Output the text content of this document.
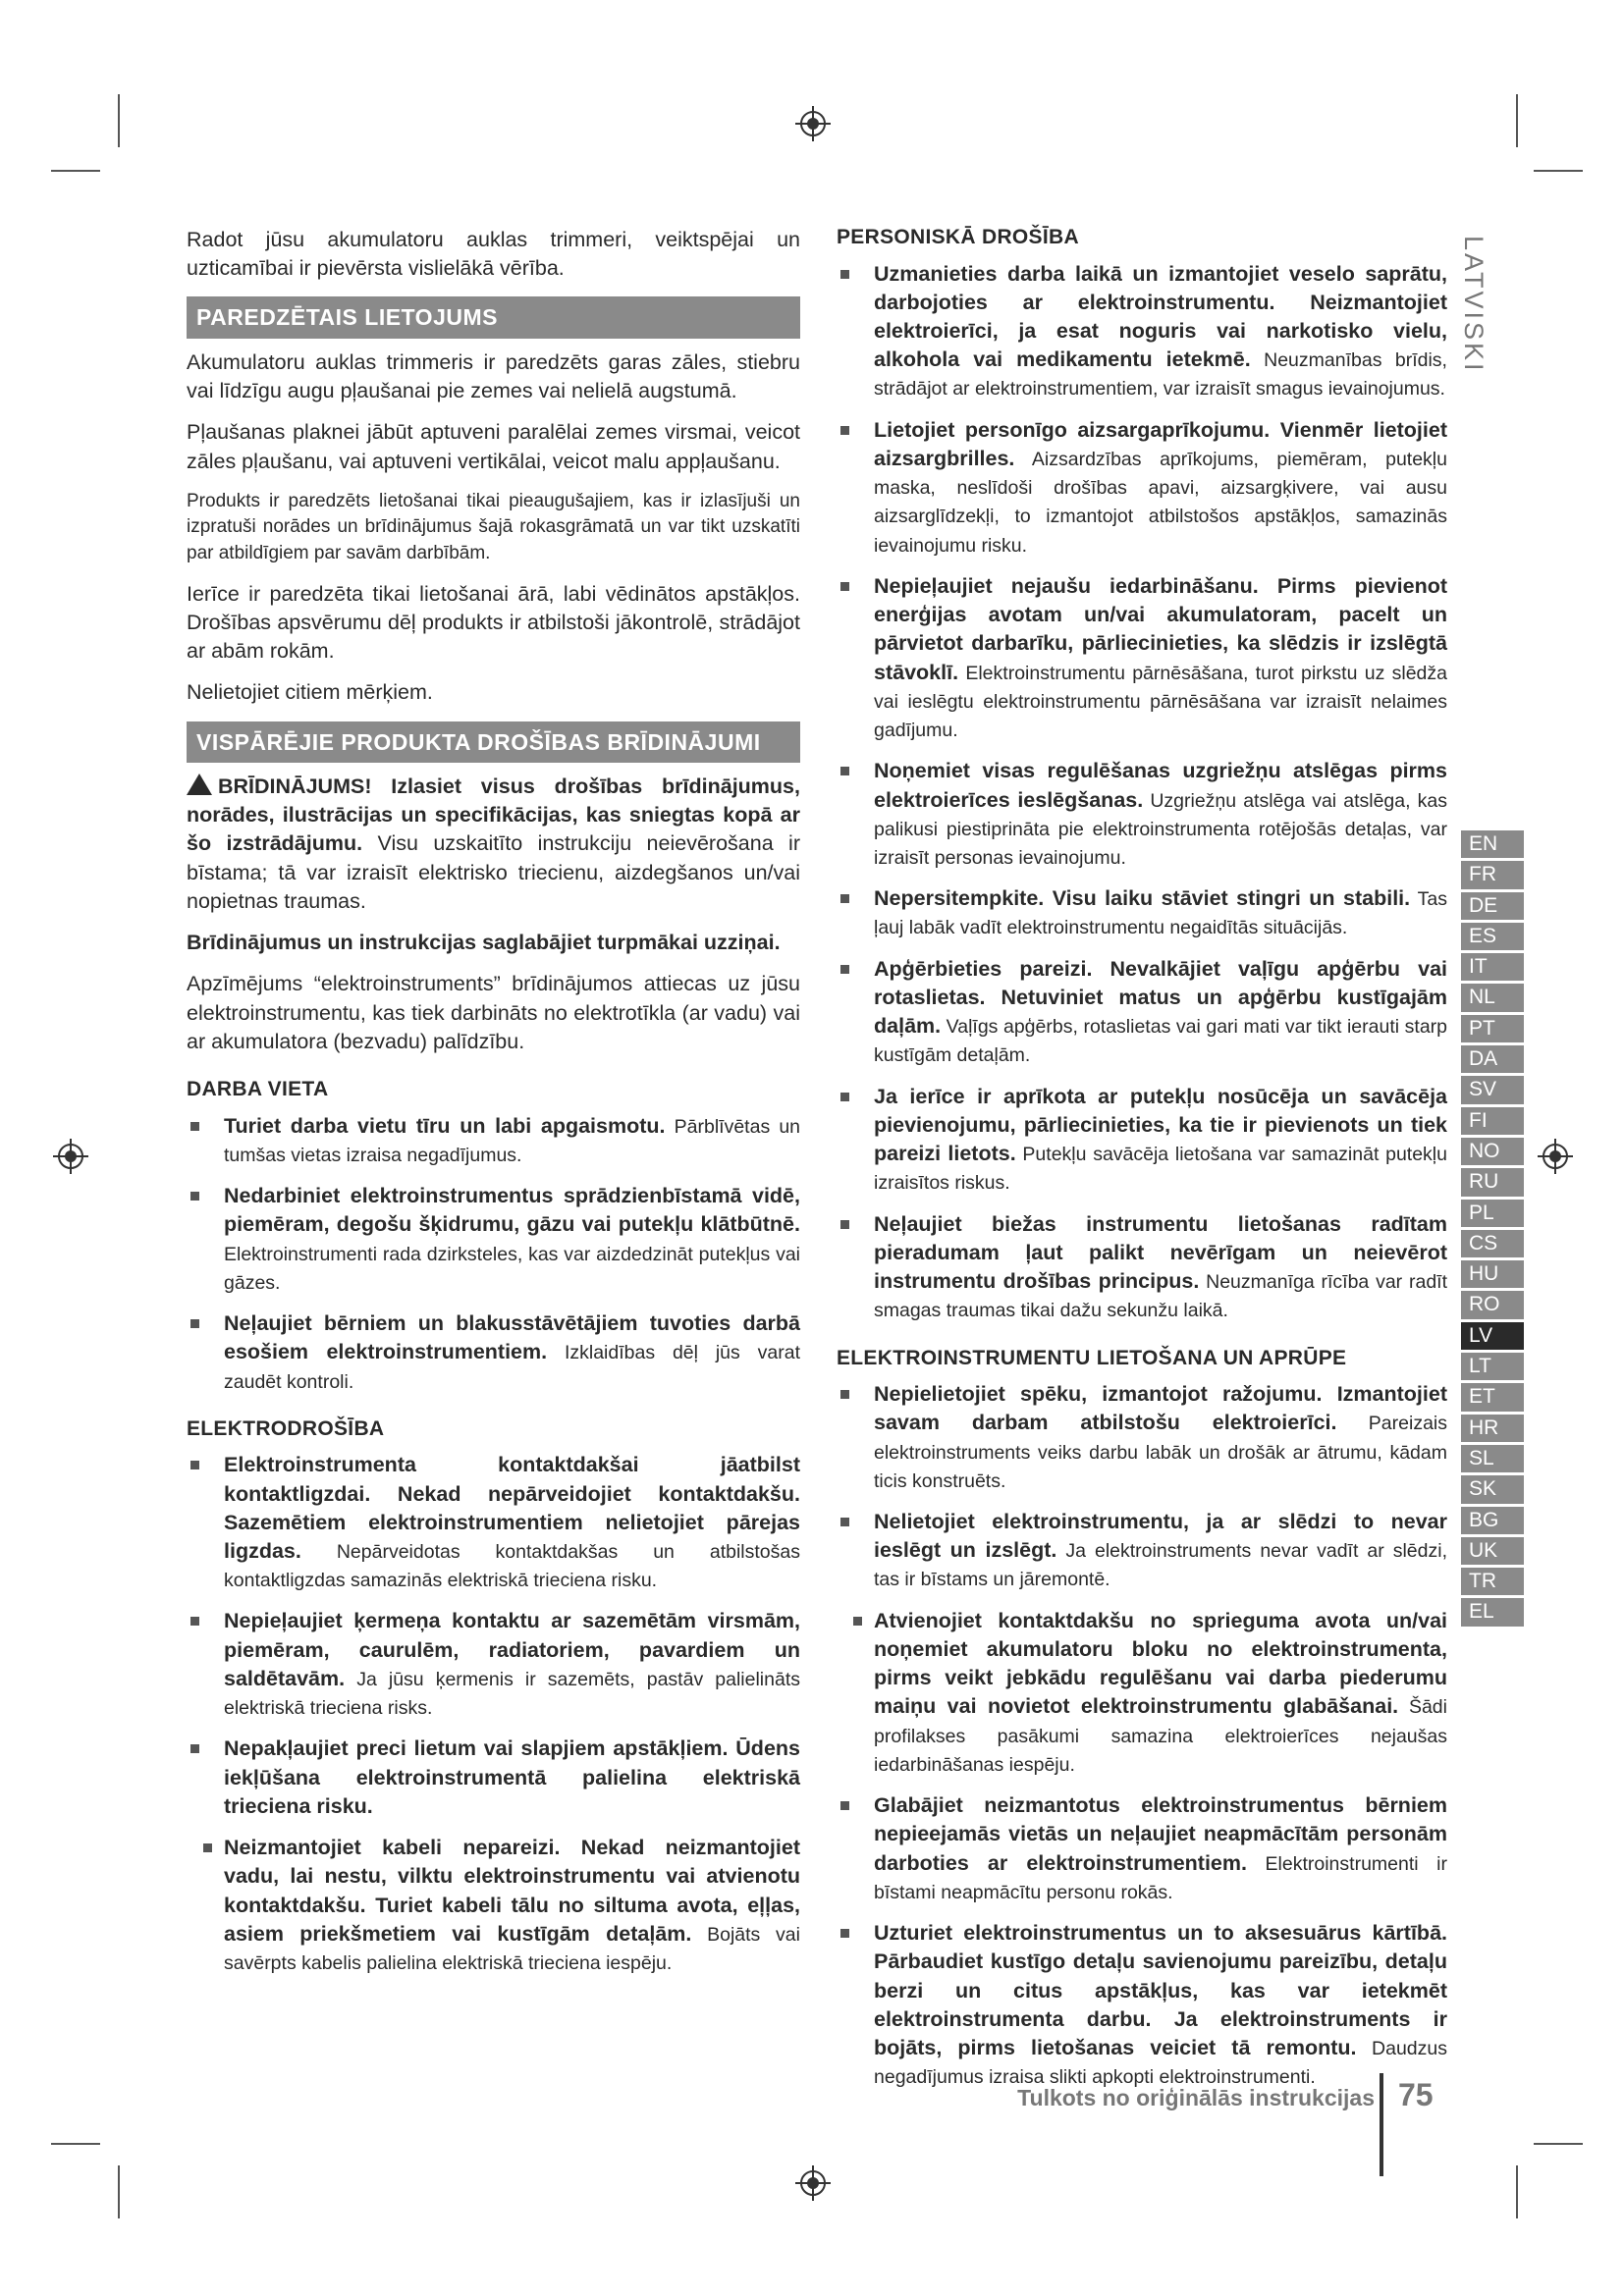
LATVISKI
EN
FR
DE
ES
IT
NL
PT
DA
SV
FI
NO
RU
PL
CS
HU
RO
LV
LT
ET
HR
SL
SK
BG
UK
TR
EL

Radot jūsu akumulatoru auklas trimmeri, veiktspējai un uzticamībai ir pievērsta vislielākā vērība.

PAREDZĒTAIS LIETOJUMS

Akumulatoru auklas trimmeris ir paredzēts garas zāles, stiebru vai līdzīgu augu pļaušanai pie zemes vai nelielā augstumā.

Pļaušanas plaknei jābūt aptuveni paralēlai zemes virsmai, veicot zāles pļaušanu, vai aptuveni vertikālai, veicot malu appļaušanu.

Produkts ir paredzēts lietošanai tikai pieaugušajiem, kas ir izlasījuši un izpratuši norādes un brīdinājumus šajā rokasgrāmatā un var tikt uzskatīti par atbildīgiem par savām darbībām.

Ierīce ir paredzēta tikai lietošanai ārā, labi vēdinātos apstākļos. Drošības apsvērumu dēļ produkts ir atbilstoši jākontrolē, strādājot ar abām rokām.

Nelietojiet citiem mērķiem.

VISPĀRĒJIE PRODUKTA DROŠĪBAS BRĪDINĀJUMI

BRĪDINĀJUMS! Izlasiet visus drošības brīdinājumus, norādes, ilustrācijas un specifikācijas, kas sniegtas kopā ar šo izstrādājumu. Visu uzskaitīto instrukciju neievērošana ir bīstama; tā var izraisīt elektrisko triecienu, aizdegšanos un/vai nopietnas traumas.

Brīdinājumus un instrukcijas saglabājiet turpmākai uzziņai.

Apzīmējums “elektroinstruments” brīdinājumos attiecas uz jūsu elektroinstrumentu, kas tiek darbināts no elektrotīkla (ar vadu) vai ar akumulatora (bezvadu) palīdzību.

DARBA VIETA
Turiet darba vietu tīru un labi apgaismotu. Pārblīvētas un tumšas vietas izraisa negadījumus.
Nedarbiniet elektroinstrumentus sprādzienbīstamā vidē, piemēram, degošu šķidrumu, gāzu vai putekļu klātbūtnē. Elektroinstrumenti rada dzirksteles, kas var aizdedzināt putekļus vai gāzes.
Neļaujiet bērniem un blakusstāvētājiem tuvoties darbā esošiem elektroinstrumentiem. Izklaidības dēļ jūs varat zaudēt kontroli.
ELEKTRODROŠĪBA
Elektroinstrumenta kontaktdakšai jāatbilst kontaktligzdai. Nekad nepārveidojiet kontaktdakšu. Sazemētiem elektroinstrumentiem nelietojiet pārejas ligzdas. Nepārveidotas kontaktdakšas un atbilstošas kontaktligzdas samazinās elektriskā trieciena risku.
Nepieļaujiet ķermeņa kontaktu ar sazemētām virsmām, piemēram, caurulēm, radiatoriem, pavardiem un saldētavām. Ja jūsu ķermenis ir sazemēts, pastāv palielināts elektriskā trieciena risks.
Nepakļaujiet preci lietum vai slapjiem apstākļiem. Ūdens iekļūšana elektroinstrumentā palielina elektriskā trieciena risku.
Neizmantojiet kabeli nepareizi. Nekad neizmantojiet vadu, lai nestu, vilktu elektroinstrumentu vai atvienotu kontaktdakšu. Turiet kabeli tālu no siltuma avota, eļļas, asiem priekšmetiem vai kustīgām detaļām. Bojāts vai savērpts kabelis palielina elektriskā trieciena iespēju.
PERSONISKĀ DROŠĪBA
Uzmanieties darba laikā un izmantojiet veselo saprātu, darbojoties ar elektroinstrumentu. Neizmantojiet elektroierīci, ja esat noguris vai narkotisko vielu, alkohola vai medikamentu ietekmē. Neuzmanības brīdis, strādājot ar elektroinstrumentiem, var izraisīt smagus ievainojumus.
Lietojiet personīgo aizsargaprīkojumu. Vienmēr lietojiet aizsargbrilles. Aizsardzības aprīkojums, piemēram, putekļu maska, neslīdoši drošības apavi, aizsargķivere, vai ausu aizsarglīdzekļi, to izmantojot atbilstošos apstākļos, samazinās ievainojumu risku.
Nepieļaujiet nejaušu iedarbināšanu. Pirms pievienot enerģijas avotam un/vai akumulatoram, pacelt un pārvietot darbarīku, pārliecinieties, ka slēdzis ir izslēgtā stāvoklī. Elektroinstrumentu pārnēsāšana, turot pirkstu uz slēdža vai ieslēgtu elektroinstrumentu pārnēsāšana var izraisīt nelaimes gadījumu.
Noņemiet visas regulēšanas uzgriežņu atslēgas pirms elektroierīces ieslēgšanas. Uzgriežņu atslēga vai atslēga, kas palikusi piestiprināta pie elektroinstrumenta rotējošās detaļas, var izraisīt personas ievainojumu.
Nepersitempkite. Visu laiku stāviet stingri un stabili. Tas ļauj labāk vadīt elektroinstrumentu negaidītās situācijās.
Apģērbieties pareizi. Nevalkājiet vaļīgu apģērbu vai rotaslietas. Netuviniet matus un apģērbu kustīgajām daļām. Vaļīgs apģērbs, rotaslietas vai gari mati var tikt ierauti starp kustīgām detaļām.
Ja ierīce ir aprīkota ar putekļu nosūcēja un savācēja pievienojumu, pārliecinieties, ka tie ir pievienots un tiek pareizi lietots. Putekļu savācēja lietošana var samazināt putekļu izraisītos riskus.
Neļaujiet biežas instrumentu lietošanas radītam pieradumam ļaut palikt nevērīgam un neievērot instrumentu drošības principus. Neuzmanīga rīcība var radīt smagas traumas tikai dažu sekunžu laikā.
ELEKTROINSTRUMENTU LIETOŠANA UN APRŪPE
Nepielietojiet spēku, izmantojot ražojumu. Izmantojiet savam darbam atbilstošu elektroierīci. Pareizais elektroinstruments veiks darbu labāk un drošāk ar ātrumu, kādam ticis konstruēts.
Nelietojiet elektroinstrumentu, ja ar slēdzi to nevar ieslēgt un izslēgt. Ja elektroinstruments nevar vadīt ar slēdzi, tas ir bīstams un jāremontē.
Atvienojiet kontaktdakšu no sprieguma avota un/vai noņemiet akumulatoru bloku no elektroinstrumenta, pirms veikt jebkādu regulēšanu vai darba piederumu maiņu vai novietot elektroinstrumentu glabāšanai. Šādi profilakses pasākumi samazina elektroierīces nejaušas iedarbināšanas iespēju.
Glabājiet neizmantotus elektroinstrumentus bērniem nepieejamās vietās un neļaujiet neapmācītām personām darboties ar elektroinstrumentiem. Elektroinstrumenti ir bīstami neapmācītu personu rokās.
Uzturiet elektroinstrumentus un to aksesuārus kārtībā. Pārbaudiet kustīgo detaļu savienojumu pareizību, detaļu berzi un citus apstākļus, kas var ietekmēt elektroinstrumenta darbu. Ja elektroinstruments ir bojāts, pirms lietošanas veiciet tā remontu. Daudzus negadījumus izraisa slikti apkopti elektroinstrumenti.
Tulkots no oriģinālās instrukcijas 75
